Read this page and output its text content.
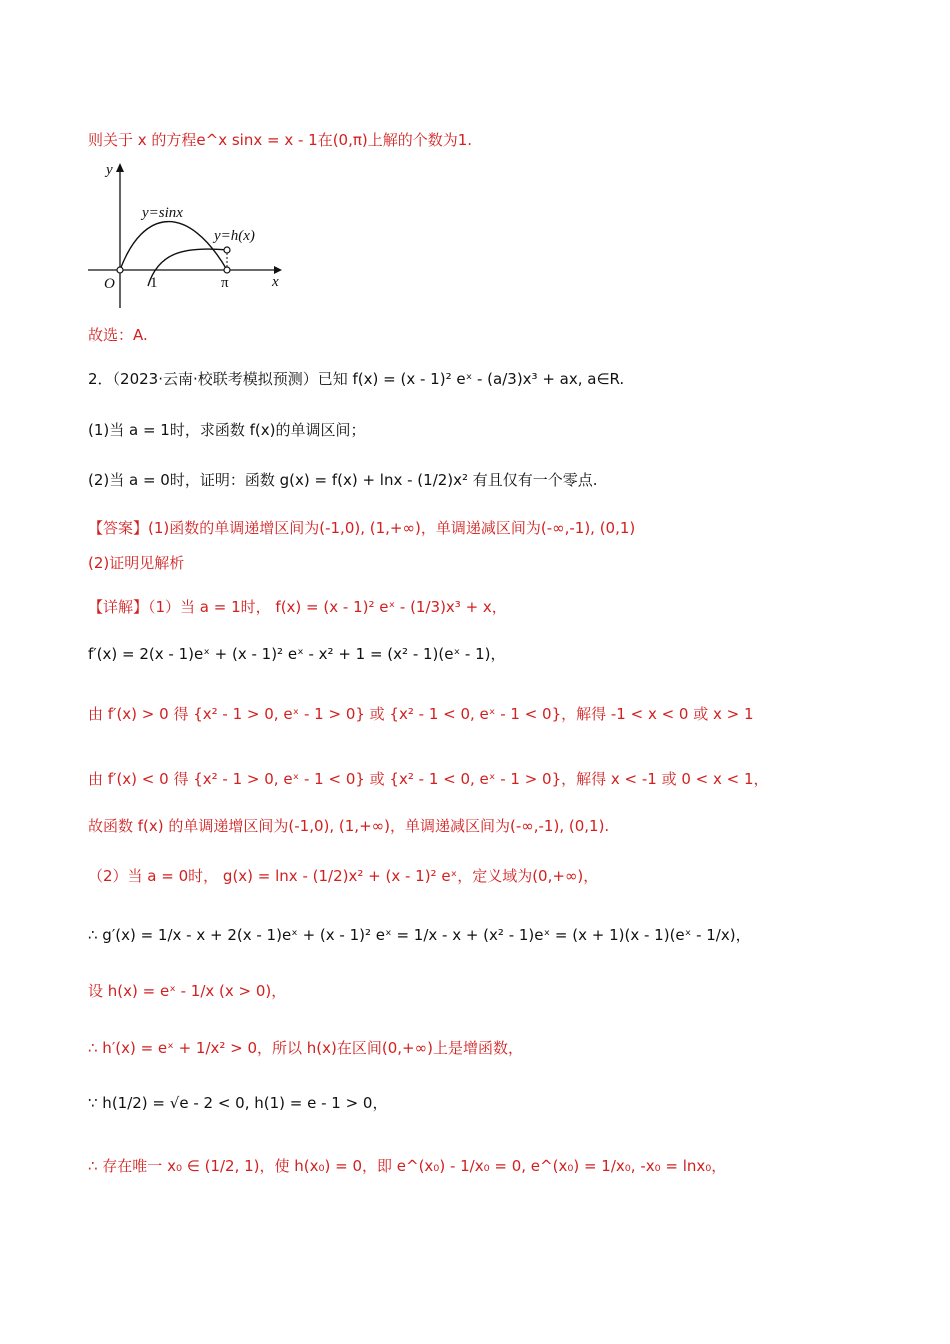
则关于 x 的方程e^x sinx = x - 1在(0,π)上解的个数为1.
y
x
O 1	π
y=sinx
y=h(x)
故选：A.
2．（2023·云南·校联考模拟预测）已知 f(x) = (x - 1)² eˣ - (a/3)x³ + ax, a∈R.
(1)当 a = 1时，求函数 f(x)的单调区间；
(2)当 a = 0时，证明：函数 g(x) = f(x) + lnx - (1/2)x² 有且仅有一个零点.
【答案】(1)函数的单调递增区间为(-1,0), (1,+∞)，单调递减区间为(-∞,-1), (0,1)
(2)证明见解析
【详解】（1）当 a = 1时， f(x) = (x - 1)² eˣ - (1/3)x³ + x，
f′(x) = 2(x - 1)eˣ + (x - 1)² eˣ - x² + 1 = (x² - 1)(eˣ - 1)，
由 f′(x) > 0 得 {x² - 1 > 0, eˣ - 1 > 0} 或 {x² - 1 < 0, eˣ - 1 < 0}，解得 -1 < x < 0 或 x > 1
由 f′(x) < 0 得 {x² - 1 > 0, eˣ - 1 < 0} 或 {x² - 1 < 0, eˣ - 1 > 0}，解得 x < -1 或 0 < x < 1，
故函数 f(x) 的单调递增区间为(-1,0), (1,+∞)，单调递减区间为(-∞,-1), (0,1).
（2）当 a = 0时， g(x) = lnx - (1/2)x² + (x - 1)² eˣ，定义域为(0,+∞)，
∴ g′(x) = 1/x - x + 2(x - 1)eˣ + (x - 1)² eˣ = 1/x - x + (x² - 1)eˣ = (x + 1)(x - 1)(eˣ - 1/x)，
设 h(x) = eˣ - 1/x (x > 0)，
∴ h′(x) = eˣ + 1/x² > 0，所以 h(x)在区间(0,+∞)上是增函数，
∵ h(1/2) = √e - 2 < 0, h(1) = e - 1 > 0，
∴ 存在唯一 x₀ ∈ (1/2, 1)，使 h(x₀) = 0，即 e^(x₀) - 1/x₀ = 0, e^(x₀) = 1/x₀, -x₀ = lnx₀，
